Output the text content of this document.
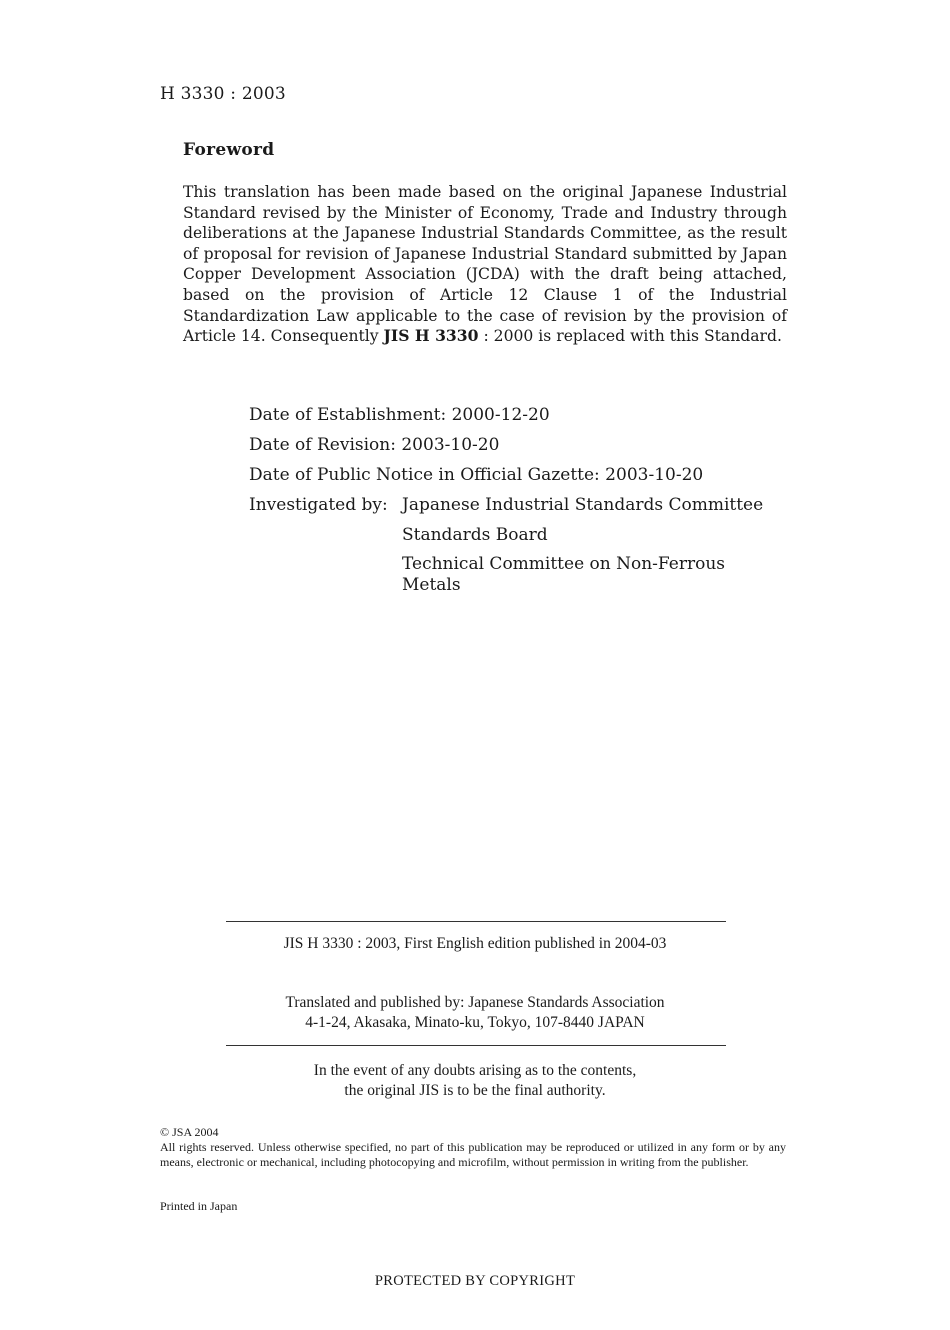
H 3330 : 2003
Foreword
This translation has been made based on the original Japanese Industrial Standard revised by the Minister of Economy, Trade and Industry through deliberations at the Japanese Industrial Standards Committee, as the result of proposal for revision of Japanese Industrial Standard submitted by Japan Copper Development Association (JCDA) with the draft being attached, based on the provision of Article 12 Clause 1 of the Industrial Standardization Law applicable to the case of revision by the provision of Article 14. Consequently JIS H 3330 : 2000 is replaced with this Standard.
Date of Establishment: 2000-12-20
Date of Revision: 2003-10-20
Date of Public Notice in Official Gazette: 2003-10-20
Investigated by: Japanese Industrial Standards Committee
Standards Board
Technical Committee on Non-Ferrous Metals
JIS H 3330 : 2003, First English edition published in 2004-03
Translated and published by: Japanese Standards Association
4-1-24, Akasaka, Minato-ku, Tokyo, 107-8440 JAPAN
In the event of any doubts arising as to the contents,
the original JIS is to be the final authority.
© JSA 2004
All rights reserved. Unless otherwise specified, no part of this publication may be reproduced or utilized in any form or by any means, electronic or mechanical, including photocopying and microfilm, without permission in writing from the publisher.
Printed in Japan
PROTECTED BY COPYRIGHT
